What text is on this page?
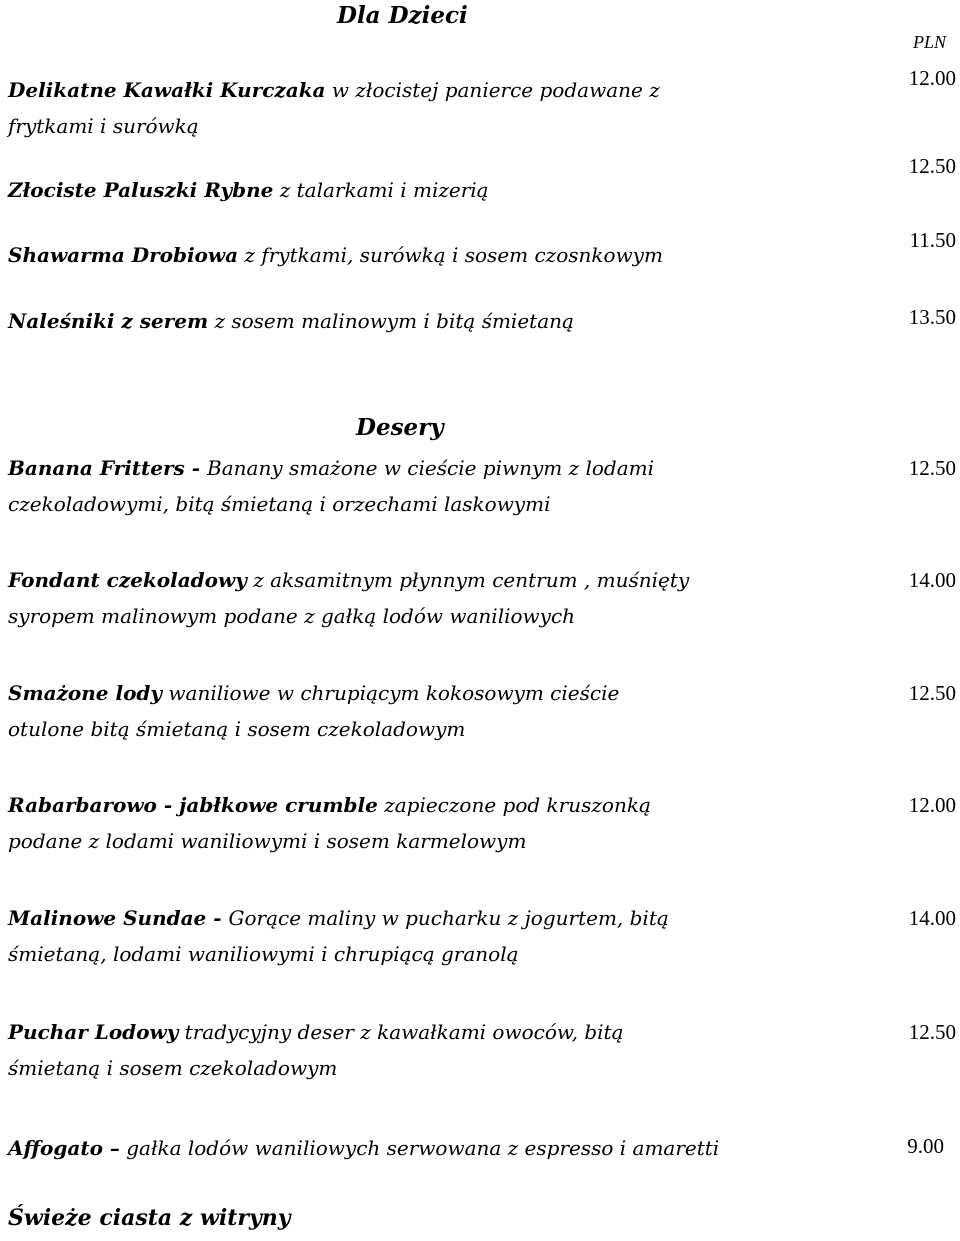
Dla Dzieci
PLN
Delikatne Kawałki Kurczaka w złocistej panierce podawane z frytkami i surówką
12.00
Złociste Paluszki Rybne z talarkami i mizerią
12.50
Shawarma Drobiowa z frytkami, surówką i sosem czosnkowym
11.50
Naleśniki z serem z sosem malinowym i bitą śmietaną	13.50
Desery
Banana Fritters - Banany smażone w cieście piwnym z lodami czekoladowymi, bitą śmietaną i orzechami laskowymi
12.50
Fondant czekoladowy z aksamitnym płynnym centrum , muśnięty syropem malinowym podane z gałką lodów waniliowych
14.00
Smażone lody waniliowe w chrupiącym kokosowym cieście otulone bitą śmietaną i sosem czekoladowym
12.50
Rabarbarowo - jabłkowe crumble zapieczone pod kruszonką podane z lodami waniliowymi i sosem karmelowym
12.00
Malinowe Sundae - Gorące maliny w pucharku z jogurtem, bitą śmietaną, lodami waniliowymi i chrupiącą granolą
14.00
Puchar Lodowy tradycyjny deser z kawałkami owoców, bitą śmietaną i sosem czekoladowym
12.50
Affogato – gałka lodów waniliowych serwowana z espresso i amaretti	9.00
Świeże ciasta z witryny
